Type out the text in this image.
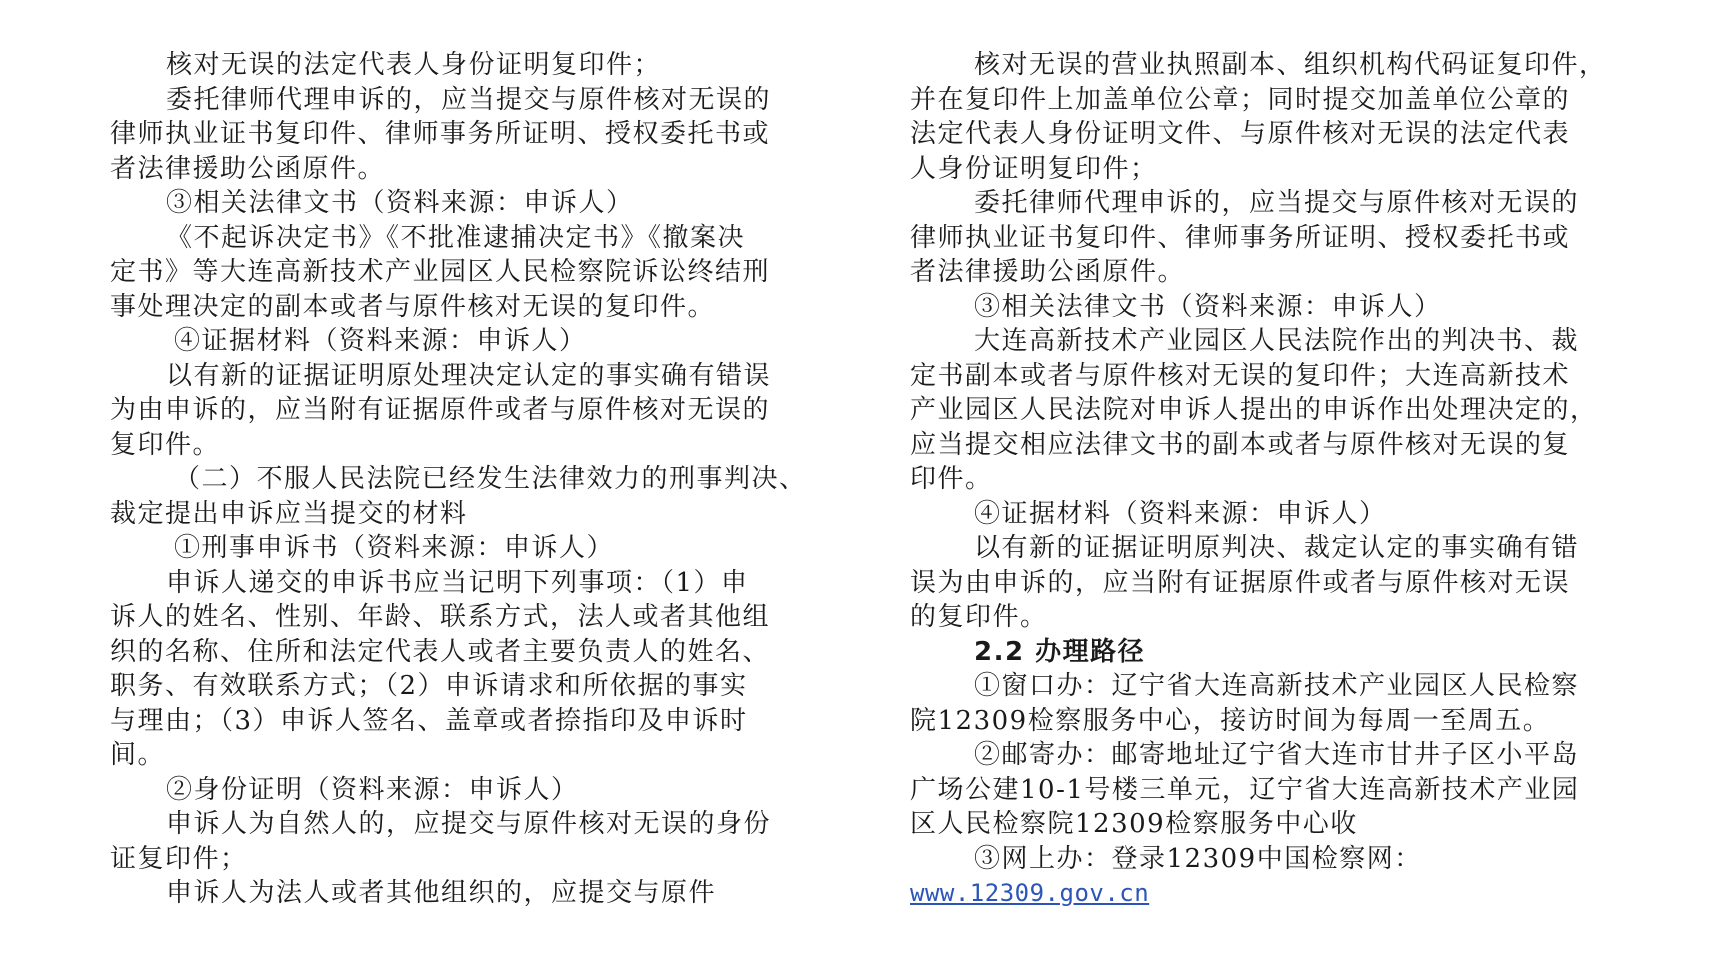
核对无误的法定代表人身份证明复印件；

委托律师代理申诉的，应当提交与原件核对无误的

律师执业证书复印件、律师事务所证明、授权委托书或

者法律援助公函原件。

③相关法律文书（资料来源：申诉人）

《不起诉决定书》《不批准逮捕决定书》《撤案决

定书》等大连高新技术产业园区人民检察院诉讼终结刑

事处理决定的副本或者与原件核对无误的复印件。

④证据材料（资料来源：申诉人）

以有新的证据证明原处理决定认定的事实确有错误

为由申诉的，应当附有证据原件或者与原件核对无误的

复印件。

（二）不服人民法院已经发生法律效力的刑事判决、

裁定提出申诉应当提交的材料

①刑事申诉书（资料来源：申诉人）

申诉人递交的申诉书应当记明下列事项：（1）申

诉人的姓名、性别、年龄、联系方式，法人或者其他组

织的名称、住所和法定代表人或者主要负责人的姓名、

职务、有效联系方式；（2）申诉请求和所依据的事实

与理由；（3）申诉人签名、盖章或者捺指印及申诉时

间。

②身份证明（资料来源：申诉人）

申诉人为自然人的，应提交与原件核对无误的身份

证复印件；

申诉人为法人或者其他组织的，应提交与原件

核对无误的营业执照副本、组织机构代码证复印件，

并在复印件上加盖单位公章；同时提交加盖单位公章的

法定代表人身份证明文件、与原件核对无误的法定代表

人身份证明复印件；

委托律师代理申诉的，应当提交与原件核对无误的

律师执业证书复印件、律师事务所证明、授权委托书或

者法律援助公函原件。

③相关法律文书（资料来源：申诉人）

大连高新技术产业园区人民法院作出的判决书、裁

定书副本或者与原件核对无误的复印件；大连高新技术

产业园区人民法院对申诉人提出的申诉作出处理决定的，

应当提交相应法律文书的副本或者与原件核对无误的复

印件。

④证据材料（资料来源：申诉人）

以有新的证据证明原判决、裁定认定的事实确有错

误为由申诉的，应当附有证据原件或者与原件核对无误

的复印件。

2.2 办理路径

①窗口办：辽宁省大连高新技术产业园区人民检察

院12309检察服务中心，接访时间为每周一至周五。

②邮寄办：邮寄地址辽宁省大连市甘井子区小平岛

广场公建10-1号楼三单元，辽宁省大连高新技术产业园

区人民检察院12309检察服务中心收

③网上办：登录12309中国检察网：

www.12309.gov.cn
